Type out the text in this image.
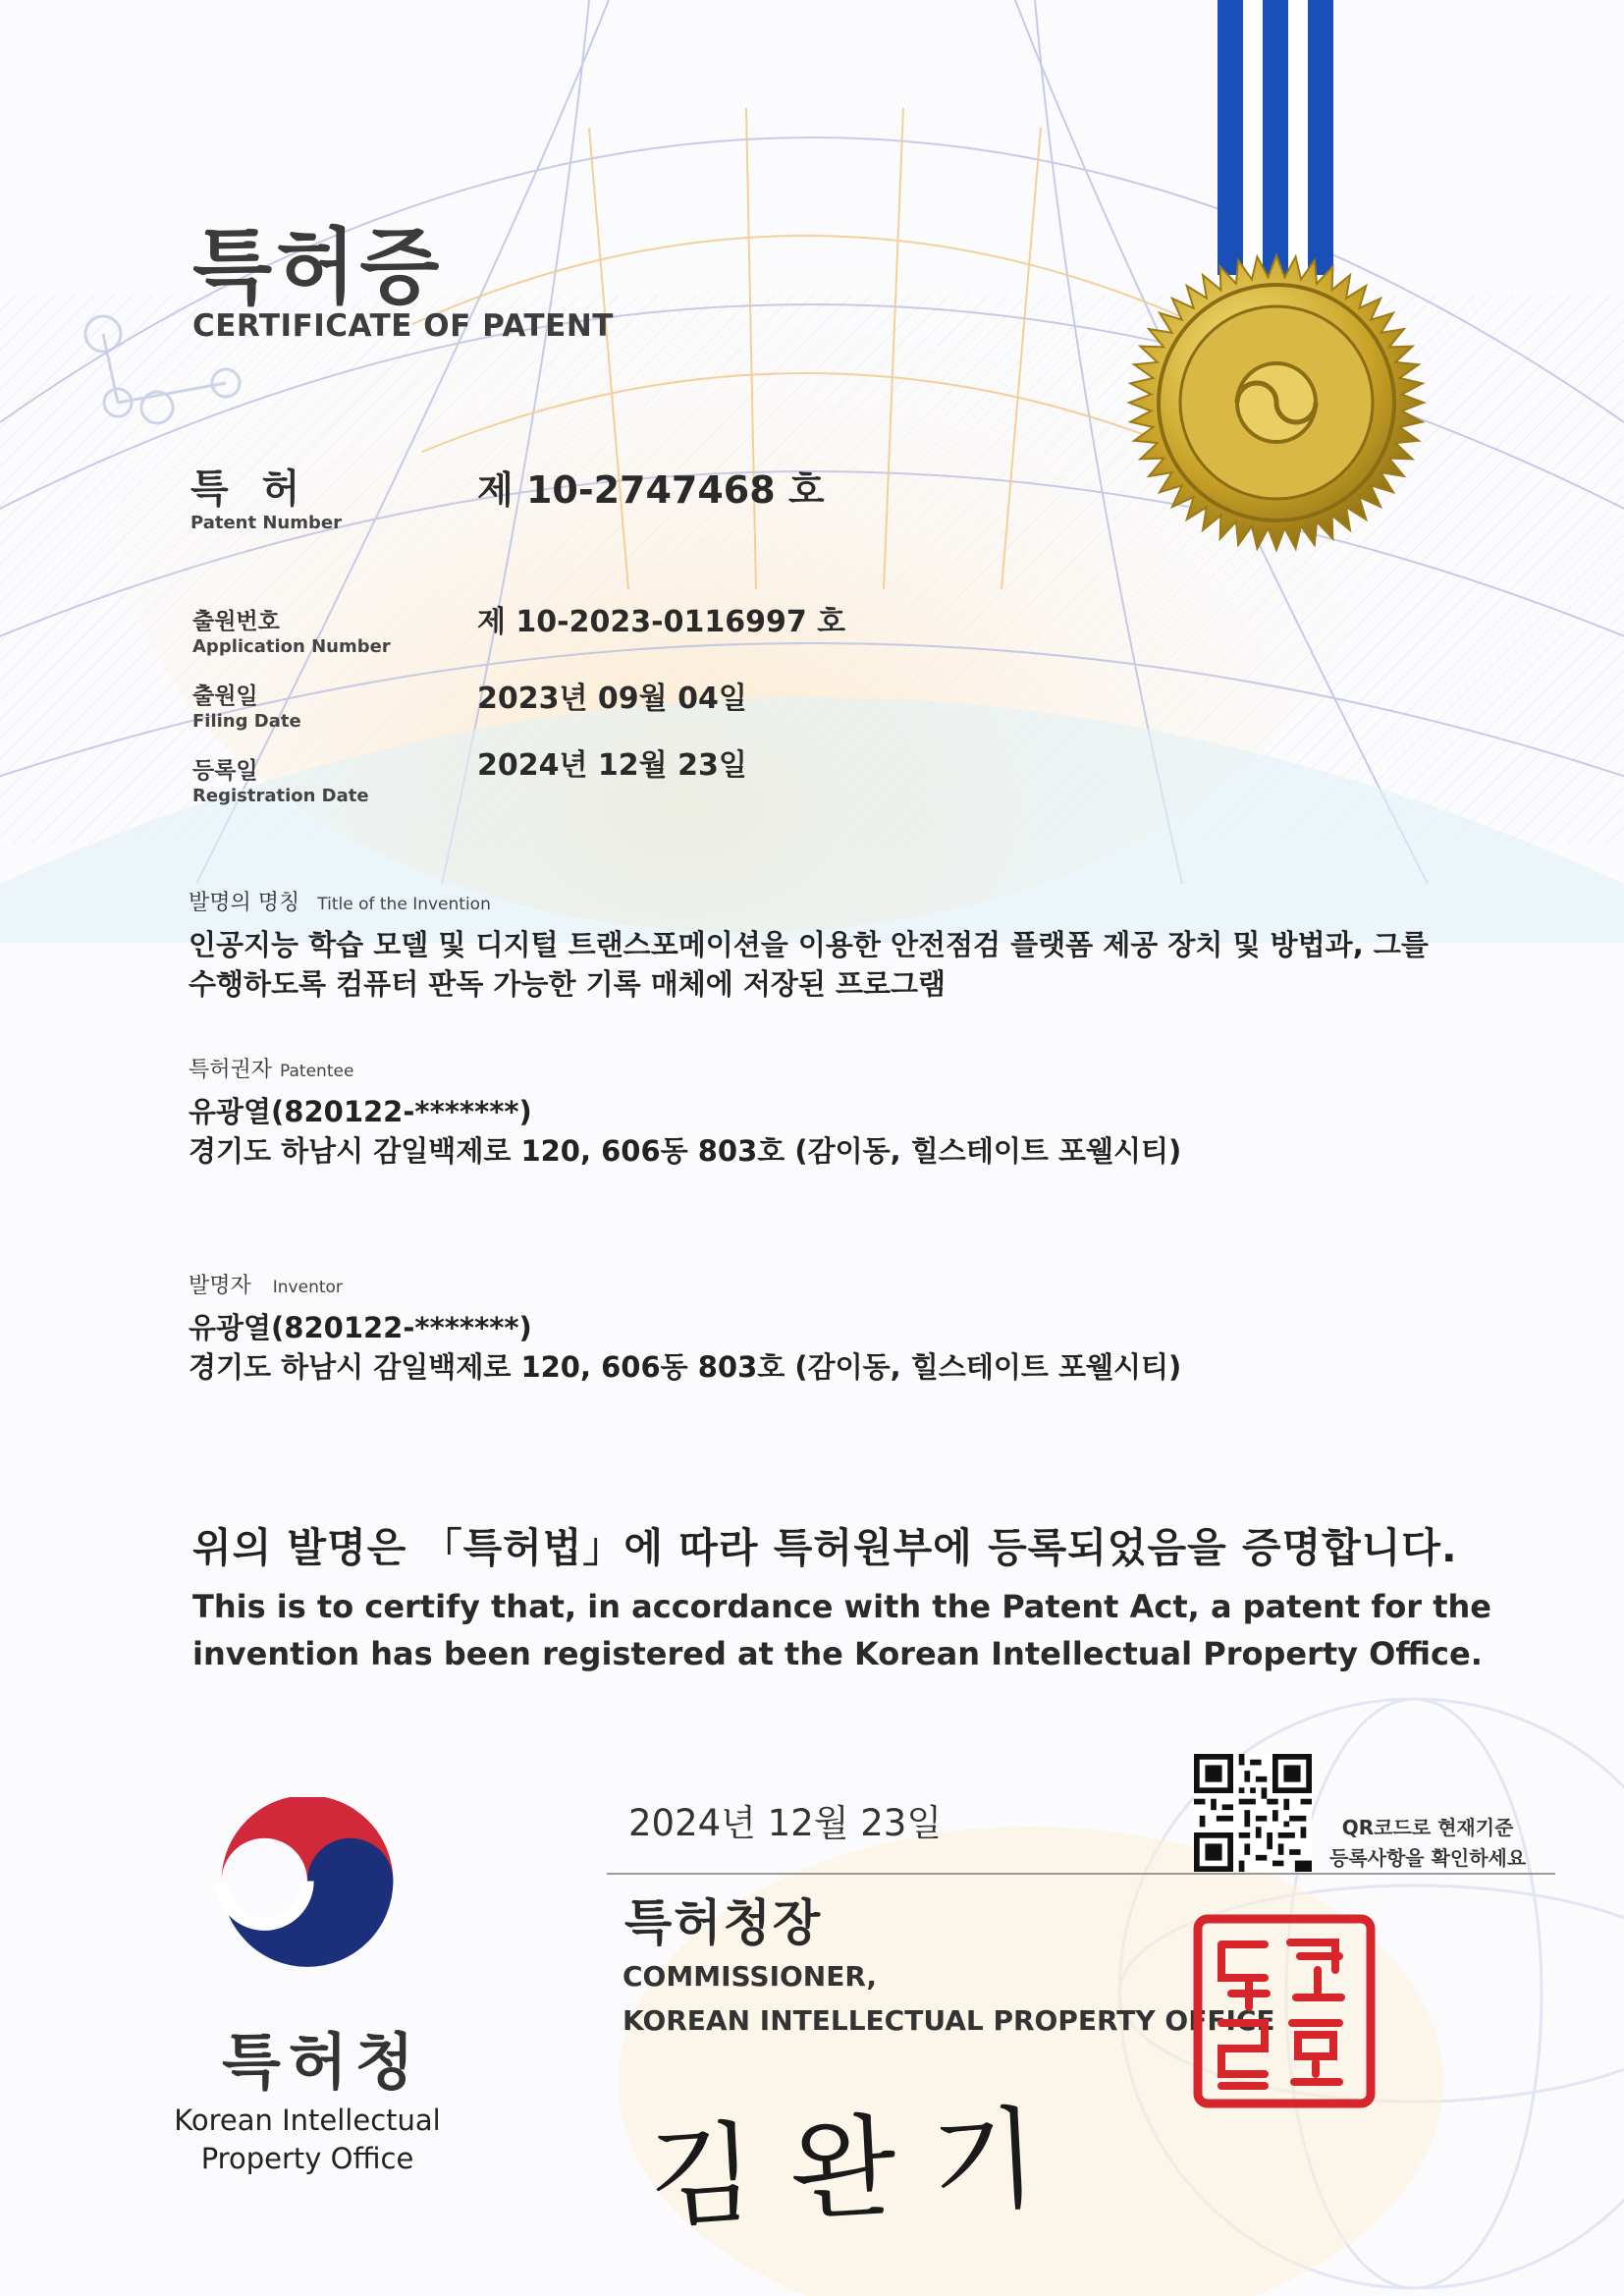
특허증
CERTIFICATE OF PATENT
특 허
Patent Number
제 10-2747468 호
출원번호
Application Number
제 10-2023-0116997 호
출원일
Filing Date
2023년 09월 04일
등록일
Registration Date
2024년 12월 23일
발명의 명칭 Title of the Invention
인공지능 학습 모델 및 디지털 트랜스포메이션을 이용한 안전점검 플랫폼 제공 장치 및 방법과, 그를
수행하도록 컴퓨터 판독 가능한 기록 매체에 저장된 프로그램
특허권자 Patentee
유광열(820122-*******)
경기도 하남시 감일백제로 120, 606동 803호 (감이동, 힐스테이트 포웰시티)
발명자 Inventor
유광열(820122-*******)
경기도 하남시 감일백제로 120, 606동 803호 (감이동, 힐스테이트 포웰시티)
위의 발명은 「특허법」에 따라 특허원부에 등록되었음을 증명합니다.
This is to certify that, in accordance with the Patent Act, a patent for the invention has been registered at the Korean Intellectual Property Office.
2024년 12월 23일	QR코드로 현재기준
등록사항을 확인하세요
특허청장
COMMISSIONER,
KOREAN INTELLECTUAL PROPERTY OFFICE
김완기
특허청
Korean Intellectual Property Office
